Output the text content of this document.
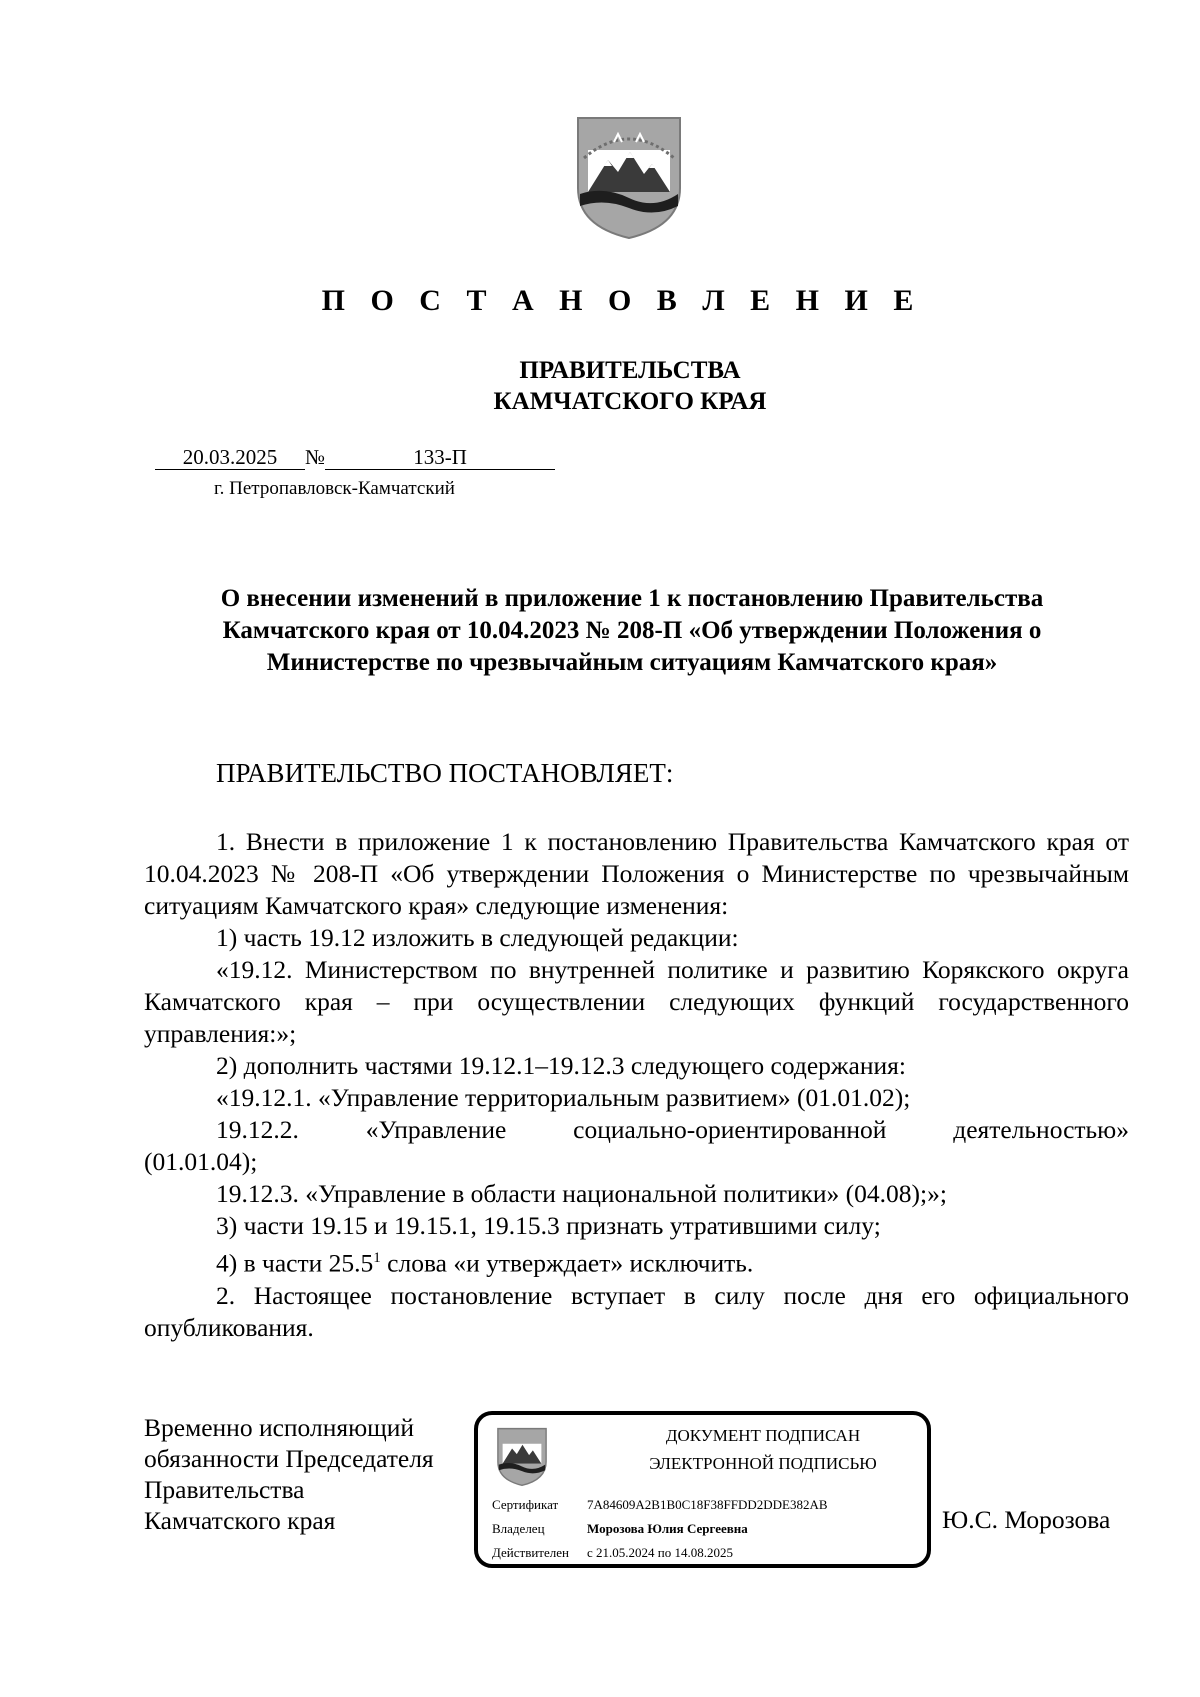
П О С Т А Н О В Л Е Н И Е
ПРАВИТЕЛЬСТВА
КАМЧАТСКОГО КРАЯ
20.03.2025 №	133-П
г. Петропавловск-Камчатский
О внесении изменений в приложение 1 к постановлению Правительства
Камчатского края от 10.04.2023 № 208-П «Об утверждении Положения о
Министерстве по чрезвычайным ситуациям Камчатского края»
ПРАВИТЕЛЬСТВО ПОСТАНОВЛЯЕТ:
1. Внести в приложение 1 к постановлению Правительства Камчатского края от 10.04.2023 № 208-П «Об утверждении Положения о Министерстве по чрезвычайным ситуациям Камчатского края» следующие изменения:
1) часть 19.12 изложить в следующей редакции:
«19.12. Министерством по внутренней политике и развитию Корякского округа Камчатского края – при осуществлении следующих функций государственного управления:»;
2) дополнить частями 19.12.1–19.12.3 следующего содержания:
«19.12.1. «Управление территориальным развитием» (01.01.02);
19.12.2.	«Управление	социально-ориентированной	деятельностью»
(01.01.04);
19.12.3. «Управление в области национальной политики» (04.08);»;
3) части 19.15 и 19.15.1, 19.15.3 признать утратившими силу;
4) в части 25.5$^1$ слова «и утверждает» исключить.
2. Настоящее постановление вступает в силу после дня его официального опубликования.
Временно исполняющий
обязанности Председателя
Правительства
Камчатского края
ДОКУМЕНТ ПОДПИСАН
ЭЛЕКТРОННОЙ ПОДПИСЬЮ
Сертификат 7A84609A2B1B0C18F38FFDD2DDE382AB
Владелец	Морозова Юлия Сергеевна
Действителен с 21.05.2024 по 14.08.2025
Ю.С. Морозова
